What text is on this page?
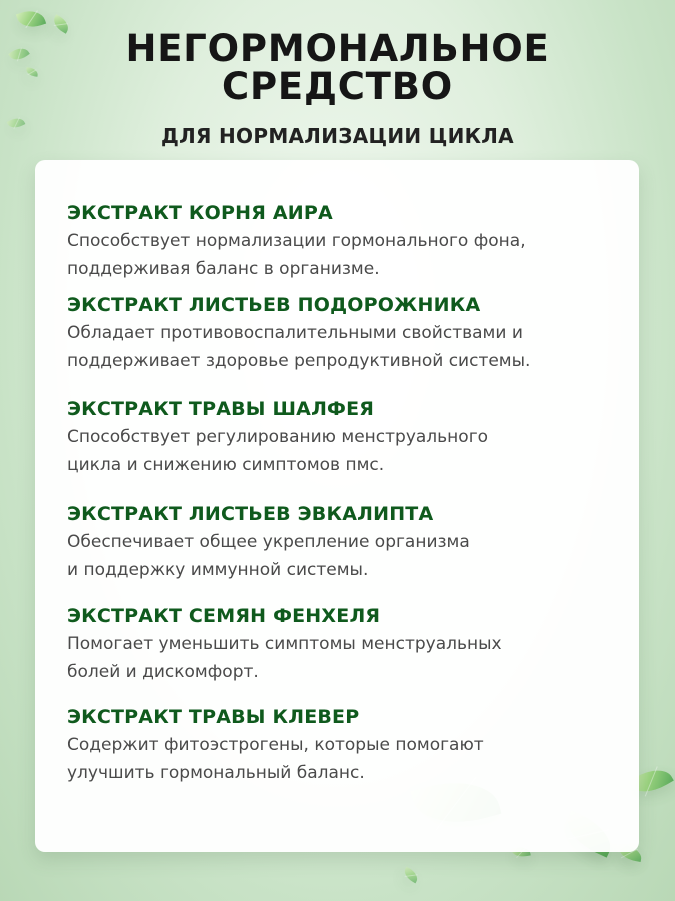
НЕГОРМОНАЛЬНОЕ
СРЕДСТВО

ДЛЯ НОРМАЛИЗАЦИИ ЦИКЛА

ЭКСТРАКТ КОРНЯ АИРА

Способствует нормализации гормонального фона,
поддерживая баланс в организме.

ЭКСТРАКТ ЛИСТЬЕВ ПОДОРОЖНИКА

Обладает противовоспалительными свойствами и
поддерживает здоровье репродуктивной системы.

ЭКСТРАКТ ТРАВЫ ШАЛФЕЯ

Способствует регулированию менструального
цикла и снижению симптомов пмс.

ЭКСТРАКТ ЛИСТЬЕВ ЭВКАЛИПТА

Обеспечивает общее укрепление организма
и поддержку иммунной системы.

ЭКСТРАКТ СЕМЯН ФЕНХЕЛЯ

Помогает уменьшить симптомы менструальных
болей и дискомфорт.

ЭКСТРАКТ ТРАВЫ КЛЕВЕР

Содержит фитоэстрогены, которые помогают
улучшить гормональный баланс.
